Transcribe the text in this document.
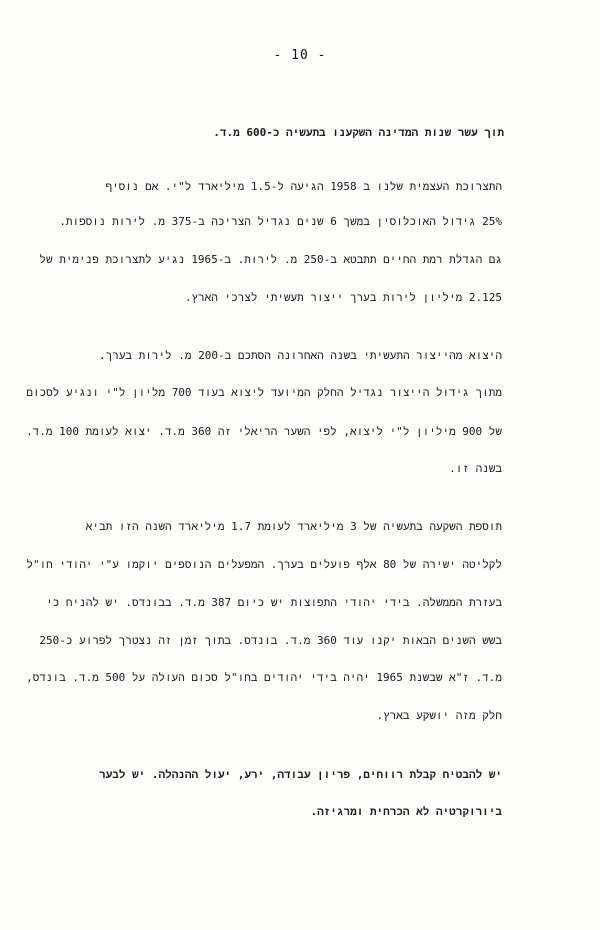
- 10 -
תוך עשר שנות המדינה השקענו בתעשיה כ-600 מ.ד.
התצרוכת העצמית שלנו ב 1958 הגיעה ל-1.5 מיליארד ל"י. אם נוסיף
25% גידול האוכלוסין במשך 6 שנים נגדיל הצריכה ב-375 מ. לירות נוספות.
גם הגדלת רמת החיים תתבטא ב-250 מ. לירות. ב-1965 נגיע לתצרוכת פנימית של
2.125 מיליון לירות בערך ייצור תעשיתי לצרכי הארץ.
היצוא מהייצור התעשיתי בשנה האחרונה הסתכם ב-200 מ. לירות בערך.
מתוך גידול הייצור נגדיל החלק המיועד ליצוא בעוד 700 מליון ל"י ונגיע לסכום
של 900 מיליון ל"י ליצוא, לפי השער הריאלי זה 360 מ.ד. יצוא לעומת 100 מ.ד.
בשנה זו.
תוספת השקעה בתעשיה של 3 מיליארד לעומת 1.7 מיליארד השנה הזו תביא
לקליטה ישירה של 80 אלף פועלים בערך. המפעלים הנוספים יוקמו ע"י יהודי חו"ל
בעזרת הממשלה. בידי יהודי התפוצות יש כיום 387 מ.ד. בבונדס. יש להניח כי
בשש השנים הבאות יקנו עוד 360 מ.ד. בונדס. בתוך זמן זה נצטרך לפרוע כ-250
מ.ד. ז"א שבשנת 1965 יהיה בידי יהודים בחו"ל סכום העולה על 500 מ.ד. בונדס,
חלק מזה יושקע בארץ.
יש להבטיח קבלת רווחים, פריון עבודה, ירע, יעול ההנהלה. יש לבער
ביורוקרטיה לא הכרחית ומרגיזה.
